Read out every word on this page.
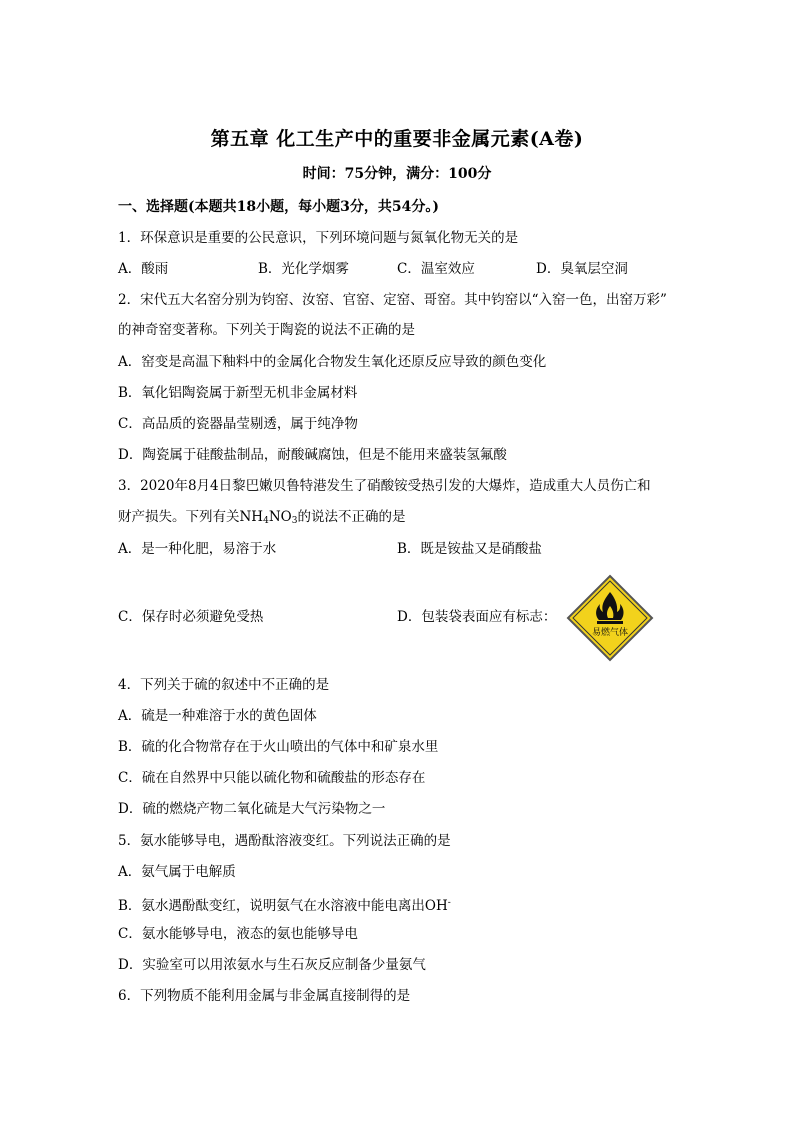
第五章 化工生产中的重要非金属元素(A卷)
时间：75分钟，满分：100分
一、选择题(本题共18小题，每小题3分，共54分。)
1．环保意识是重要的公民意识，下列环境问题与氮氧化物无关的是
A．酸雨	B．光化学烟雾	C．温室效应	D．臭氧层空洞
2．宋代五大名窑分别为钧窑、汝窑、官窑、定窑、哥窑。其中钧窑以“入窑一色，出窑万彩”
的神奇窑变著称。下列关于陶瓷的说法不正确的是
A．窑变是高温下釉料中的金属化合物发生氧化还原反应导致的颜色变化
B．氧化铝陶瓷属于新型无机非金属材料
C．高品质的瓷器晶莹剔透，属于纯净物
D．陶瓷属于硅酸盐制品，耐酸碱腐蚀，但是不能用来盛装氢氟酸
3．2020年8月4日黎巴嫩贝鲁特港发生了硝酸铵受热引发的大爆炸，造成重大人员伤亡和
财产损失。下列有关$NH_4NO_3$的说法不正确的是
A．是一种化肥，易溶于水	B．既是铵盐又是硝酸盐
C．保存时必须避免受热	D．包装袋表面应有标志：
易燃气体
4．下列关于硫的叙述中不正确的是
A．硫是一种难溶于水的黄色固体
B．硫的化合物常存在于火山喷出的气体中和矿泉水里
C．硫在自然界中只能以硫化物和硫酸盐的形态存在
D．硫的燃烧产物二氧化硫是大气污染物之一
5．氨水能够导电，遇酚酞溶液变红。下列说法正确的是
A．氨气属于电解质
B．氨水遇酚酞变红，说明氨气在水溶液中能电离出OH-
C．氨水能够导电，液态的氨也能够导电
D．实验室可以用浓氨水与生石灰反应制备少量氨气
6．下列物质不能利用金属与非金属直接制得的是
